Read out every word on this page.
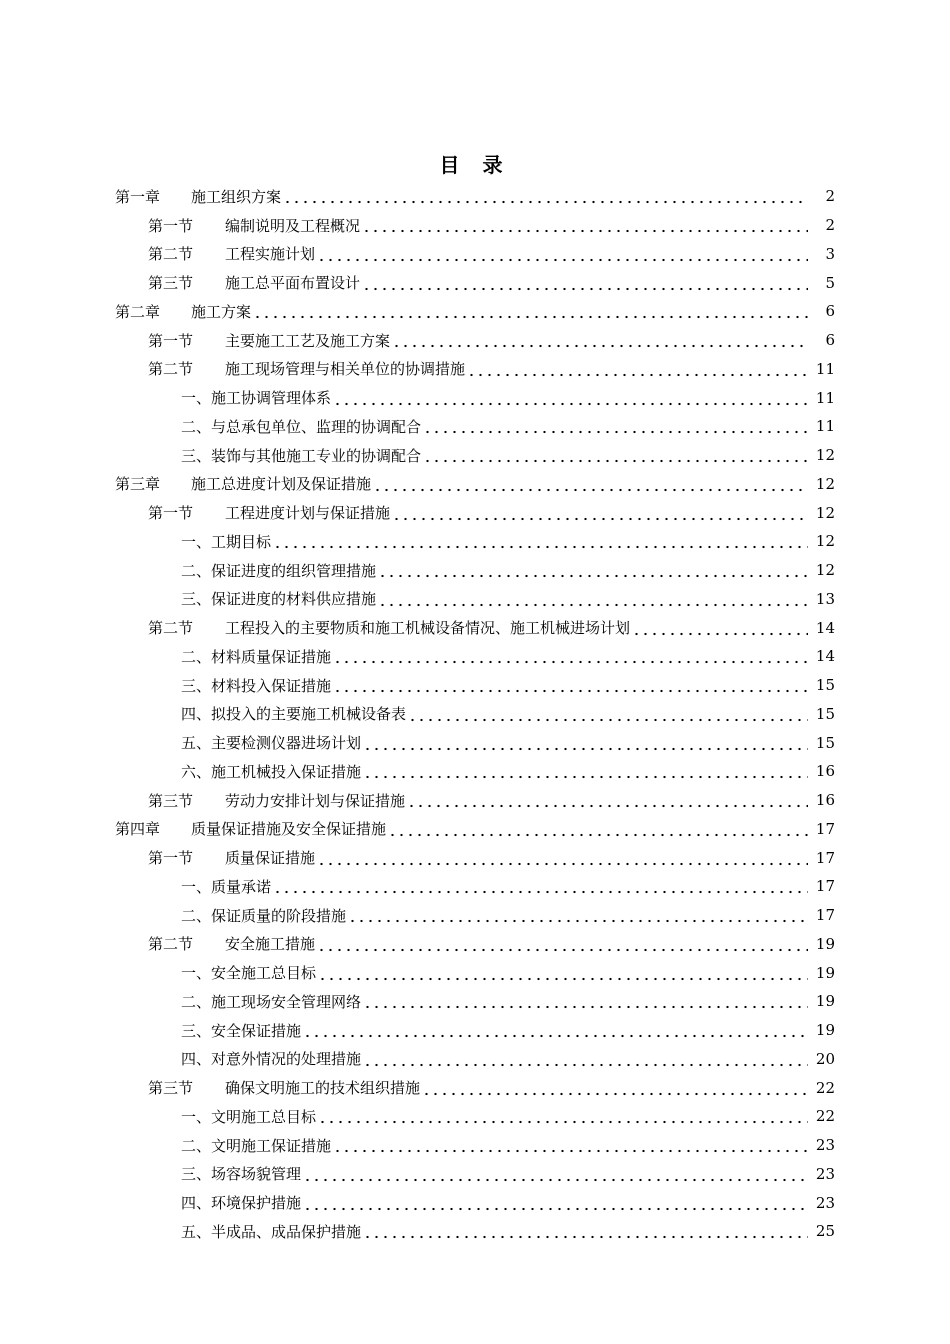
目 录
第一章	施工组织方案	2
第一节	编制说明及工程概况	2
第二节	工程实施计划	3
第三节	施工总平面布置设计	5
第二章	施工方案	6
第一节	主要施工工艺及施工方案	6
第二节	施工现场管理与相关单位的协调措施	11
一、施工协调管理体系	11
二、与总承包单位、监理的协调配合	11
三、装饰与其他施工专业的协调配合	12
第三章	施工总进度计划及保证措施	12
第一节	工程进度计划与保证措施	12
一、工期目标	12
二、保证进度的组织管理措施	12
三、保证进度的材料供应措施	13
第二节	工程投入的主要物质和施工机械设备情况、施工机械进场计划	14
二、材料质量保证措施	14
三、材料投入保证措施	15
四、拟投入的主要施工机械设备表	15
五、主要检测仪器进场计划	15
六、施工机械投入保证措施	16
第三节	劳动力安排计划与保证措施	16
第四章	质量保证措施及安全保证措施	17
第一节	质量保证措施	17
一、质量承诺	17
二、保证质量的阶段措施	17
第二节	安全施工措施	19
一、安全施工总目标	19
二、施工现场安全管理网络	19
三、安全保证措施	19
四、对意外情况的处理措施	20
第三节	确保文明施工的技术组织措施	22
一、文明施工总目标	22
二、文明施工保证措施	23
三、场容场貌管理	23
四、环境保护措施	23
五、半成品、成品保护措施	25
